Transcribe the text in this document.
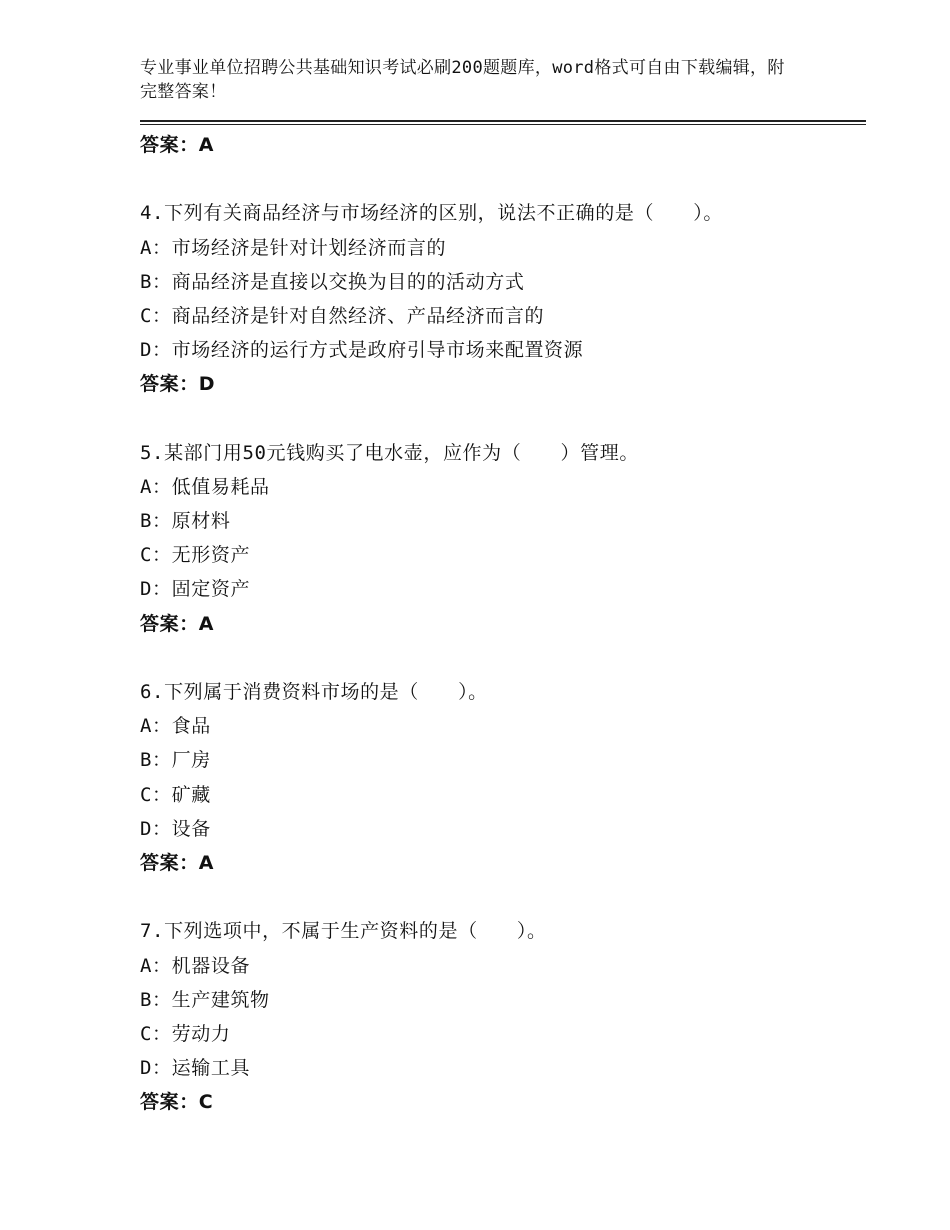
专业事业单位招聘公共基础知识考试必刷200题题库，word格式可自由下载编辑，附完整答案！
答案：A
4.下列有关商品经济与市场经济的区别，说法不正确的是（　　）。
A：市场经济是针对计划经济而言的
B：商品经济是直接以交换为目的的活动方式
C：商品经济是针对自然经济、产品经济而言的
D：市场经济的运行方式是政府引导市场来配置资源
答案：D
5.某部门用50元钱购买了电水壶，应作为（　　）管理。
A：低值易耗品
B：原材料
C：无形资产
D：固定资产
答案：A
6.下列属于消费资料市场的是（　　）。
A：食品
B：厂房
C：矿藏
D：设备
答案：A
7.下列选项中，不属于生产资料的是（　　）。
A：机器设备
B：生产建筑物
C：劳动力
D：运输工具
答案：C
